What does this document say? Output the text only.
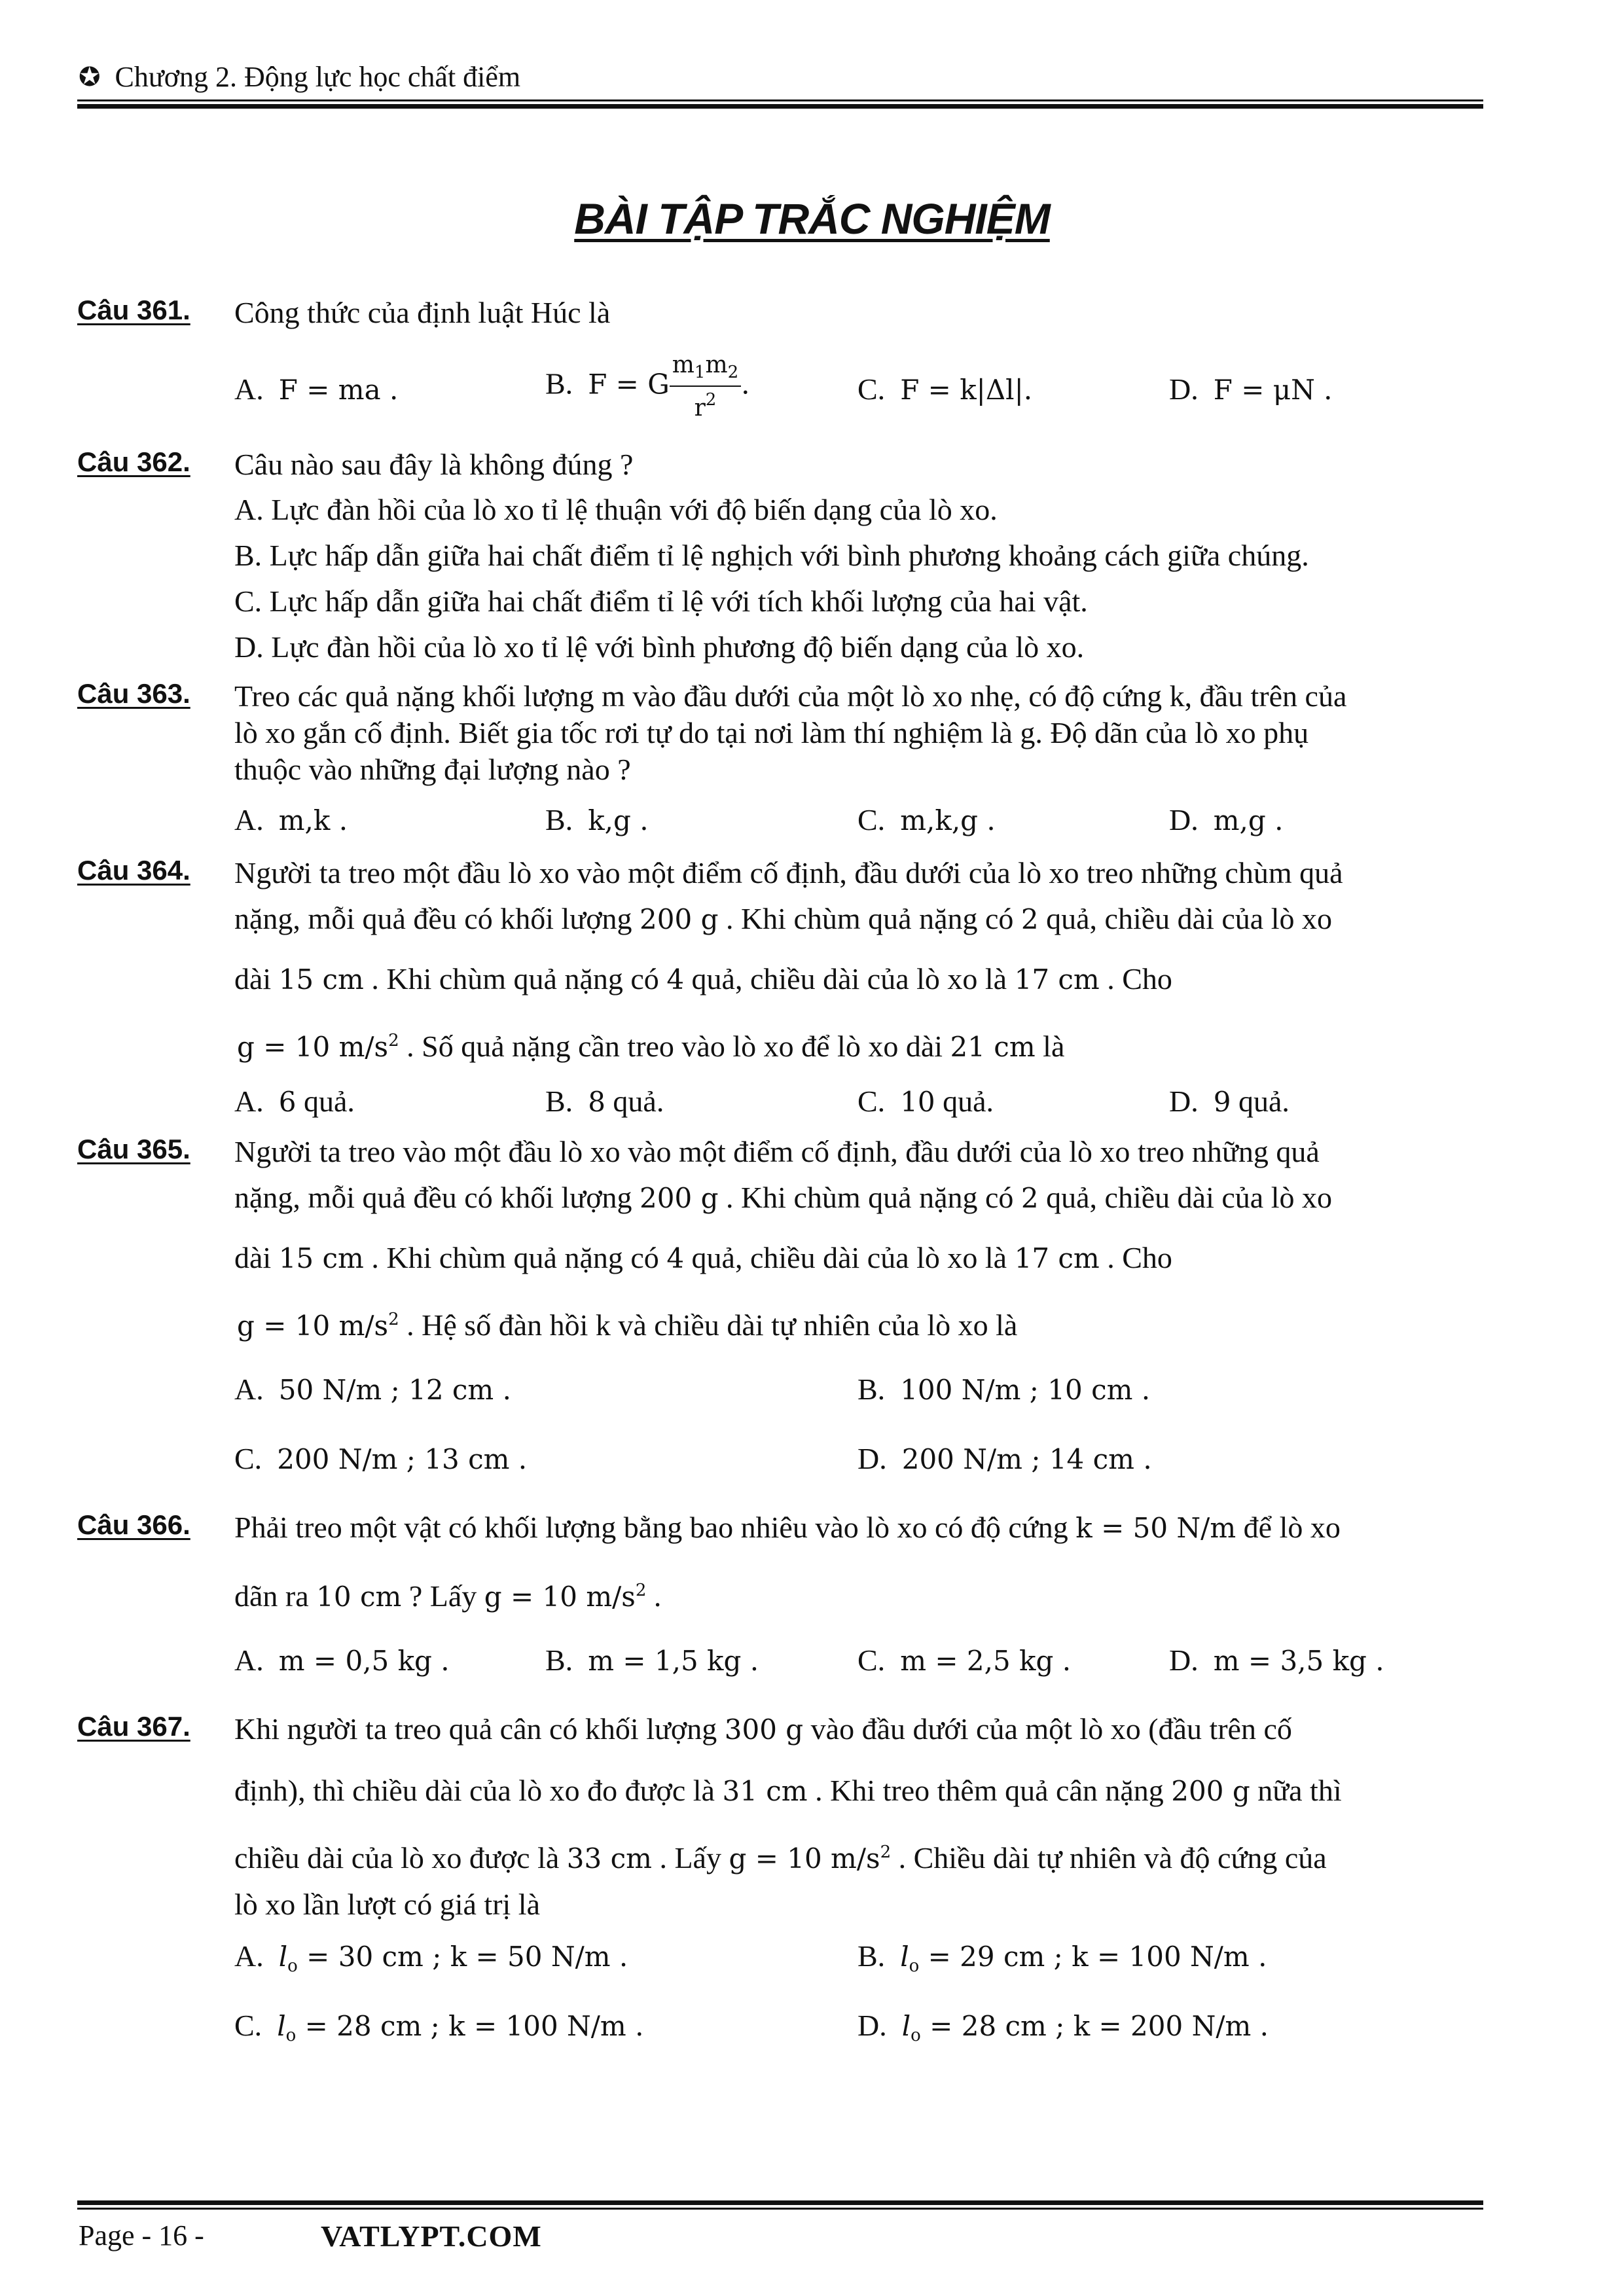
✪ Chương 2. Động lực học chất điểm
BÀI TẬP TRẮC NGHIỆM
Câu 361. Công thức của định luật Húc là
A. F = ma .	B. F = G $\frac{m_1m_2}{r^2}$ .	C. F = k|Δl|.	D. F = μN .
Câu 362. Câu nào sau đây là không đúng ?
A. Lực đàn hồi của lò xo tỉ lệ thuận với độ biến dạng của lò xo.
B. Lực hấp dẫn giữa hai chất điểm tỉ lệ nghịch với bình phương khoảng cách giữa chúng.
C. Lực hấp dẫn giữa hai chất điểm tỉ lệ với tích khối lượng của hai vật.
D. Lực đàn hồi của lò xo tỉ lệ với bình phương độ biến dạng của lò xo.
Câu 363. Treo các quả nặng khối lượng m vào đầu dưới của một lò xo nhẹ, có độ cứng k, đầu trên của
lò xo gắn cố định. Biết gia tốc rơi tự do tại nơi làm thí nghiệm là g. Độ dãn của lò xo phụ
thuộc vào những đại lượng nào ?
A. m,k .	B. k,g .	C. m,k,g .	D. m,g .
Câu 364. Người ta treo một đầu lò xo vào một điểm cố định, đầu dưới của lò xo treo những chùm quả
nặng, mỗi quả đều có khối lượng 200 g . Khi chùm quả nặng có 2 quả, chiều dài của lò xo
dài 15 cm . Khi chùm quả nặng có 4 quả, chiều dài của lò xo là 17 cm . Cho
g = 10 $m/s^2$ . Số quả nặng cần treo vào lò xo để lò xo dài 21 cm là
A. 6 quả.	B. 8 quả.	C. 10 quả.	D. 9 quả.
Câu 365. Người ta treo vào một đầu lò xo vào một điểm cố định, đầu dưới của lò xo treo những quả
nặng, mỗi quả đều có khối lượng 200 g . Khi chùm quả nặng có 2 quả, chiều dài của lò xo
dài 15 cm . Khi chùm quả nặng có 4 quả, chiều dài của lò xo là 17 cm . Cho
g = 10 $m/s^2$ . Hệ số đàn hồi k và chiều dài tự nhiên của lò xo là
A. 50 N/m ; 12 cm .	B. 100 N/m ; 10 cm .
C. 200 N/m ; 13 cm .	D. 200 N/m ; 14 cm .
Câu 366. Phải treo một vật có khối lượng bằng bao nhiêu vào lò xo có độ cứng k = 50 N/m để lò xo
dãn ra 10 cm ? Lấy g = 10 $m/s^2$ .
A. m = 0,5 kg .	B. m = 1,5 kg .	C. m = 2,5 kg .	D. m = 3,5 kg .
Câu 367. Khi người ta treo quả cân có khối lượng 300 g vào đầu dưới của một lò xo (đầu trên cố
định), thì chiều dài của lò xo đo được là 31 cm . Khi treo thêm quả cân nặng 200 g nữa thì
chiều dài của lò xo được là 33 cm . Lấy g = 10 $m/s^2$ . Chiều dài tự nhiên và độ cứng của
lò xo lần lượt có giá trị là
A. $l_o = 30$ cm ; k = 50 N/m .	B. $l_o = 29$ cm ; k = 100 N/m .
C. $l_o = 28$ cm ; k = 100 N/m .	D. $l_o = 28$ cm ; k = 200 N/m .
Page - 16 -	VATLYPT.COM
